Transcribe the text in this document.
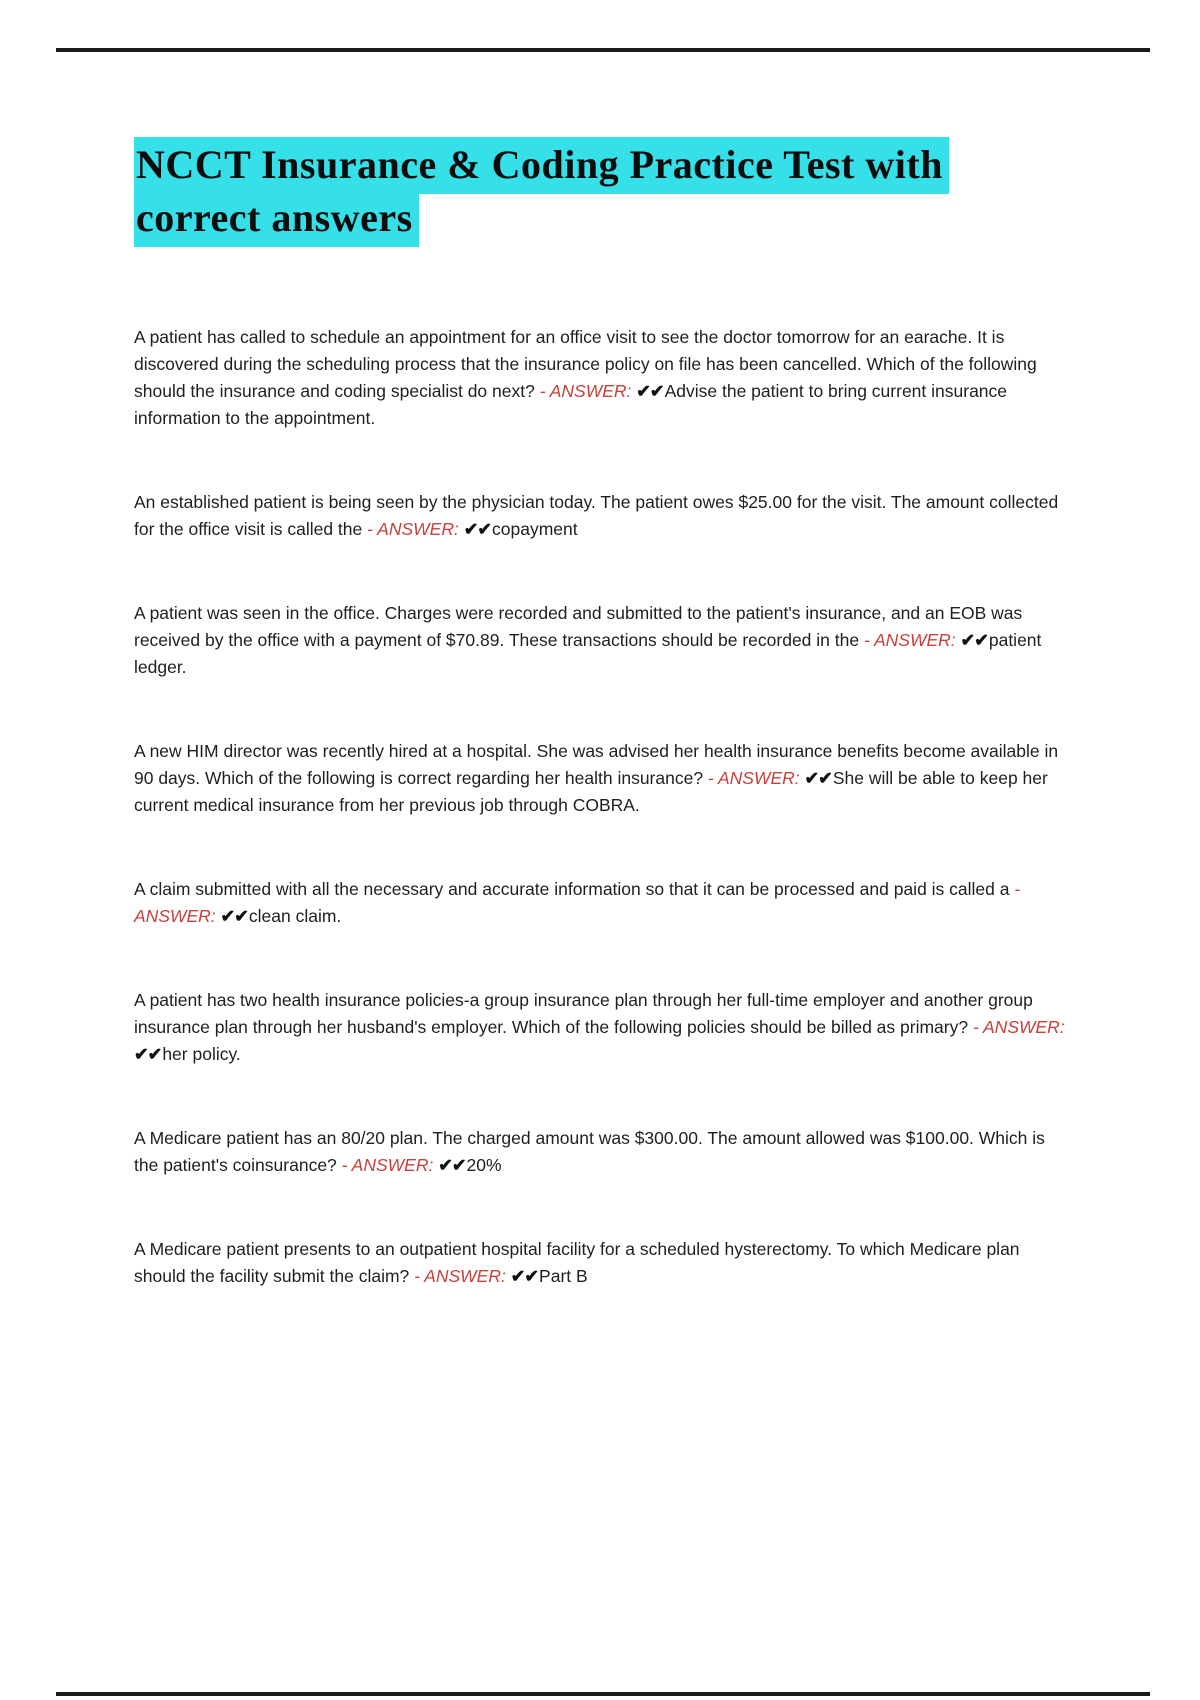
NCCT Insurance & Coding Practice Test with correct answers

A patient has called to schedule an appointment for an office visit to see the doctor tomorrow for an earache. It is discovered during the scheduling process that the insurance policy on file has been cancelled. Which of the following should the insurance and coding specialist do next? - ANSWER: ✔✔Advise the patient to bring current insurance information to the appointment.

An established patient is being seen by the physician today. The patient owes $25.00 for the visit. The amount collected for the office visit is called the - ANSWER: ✔✔copayment

A patient was seen in the office. Charges were recorded and submitted to the patient's insurance, and an EOB was received by the office with a payment of $70.89. These transactions should be recorded in the - ANSWER: ✔✔patient ledger.

A new HIM director was recently hired at a hospital. She was advised her health insurance benefits become available in 90 days. Which of the following is correct regarding her health insurance? - ANSWER: ✔✔She will be able to keep her current medical insurance from her previous job through COBRA.

A claim submitted with all the necessary and accurate information so that it can be processed and paid is called a - ANSWER: ✔✔clean claim.

A patient has two health insurance policies-a group insurance plan through her full-time employer and another group insurance plan through her husband's employer. Which of the following policies should be billed as primary? - ANSWER: ✔✔her policy.

A Medicare patient has an 80/20 plan. The charged amount was $300.00. The amount allowed was $100.00. Which is the patient's coinsurance? - ANSWER: ✔✔20%

A Medicare patient presents to an outpatient hospital facility for a scheduled hysterectomy. To which Medicare plan should the facility submit the claim? - ANSWER: ✔✔Part B
